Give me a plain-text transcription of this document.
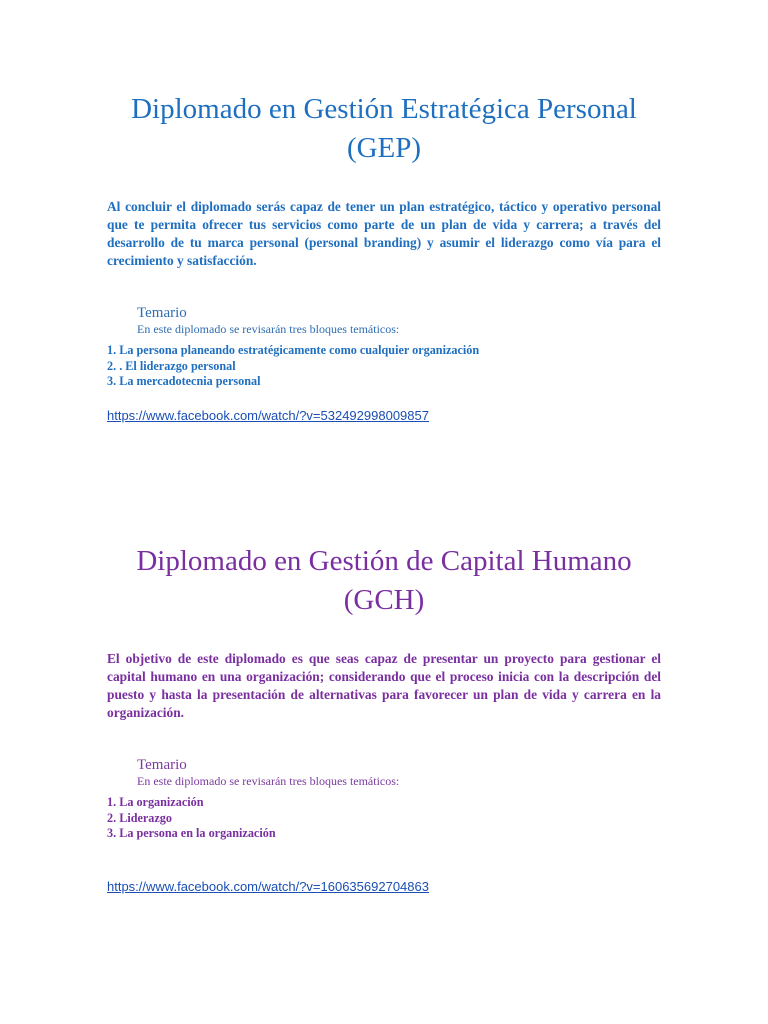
Diplomado en Gestión Estratégica Personal (GEP)

Al concluir el diplomado serás capaz de tener un plan estratégico, táctico y operativo personal que te permita ofrecer tus servicios como parte de un plan de vida y carrera; a través del desarrollo de tu marca personal (personal branding) y asumir el liderazgo como vía para el crecimiento y satisfacción.

Temario

En este diplomado se revisarán tres bloques temáticos:

1. La persona planeando estratégicamente como cualquier organización
2. . El liderazgo personal
3. La mercadotecnia personal
https://www.facebook.com/watch/?v=532492998009857
Diplomado en Gestión de Capital Humano (GCH)

El objetivo de este diplomado es que seas capaz de presentar un proyecto para gestionar el capital humano en una organización; considerando que el proceso inicia con la descripción del puesto y hasta la presentación de alternativas para favorecer un plan de vida y carrera en la organización.

Temario

En este diplomado se revisarán tres bloques temáticos:

1. La organización
2. Liderazgo
3. La persona en la organización
https://www.facebook.com/watch/?v=160635692704863
